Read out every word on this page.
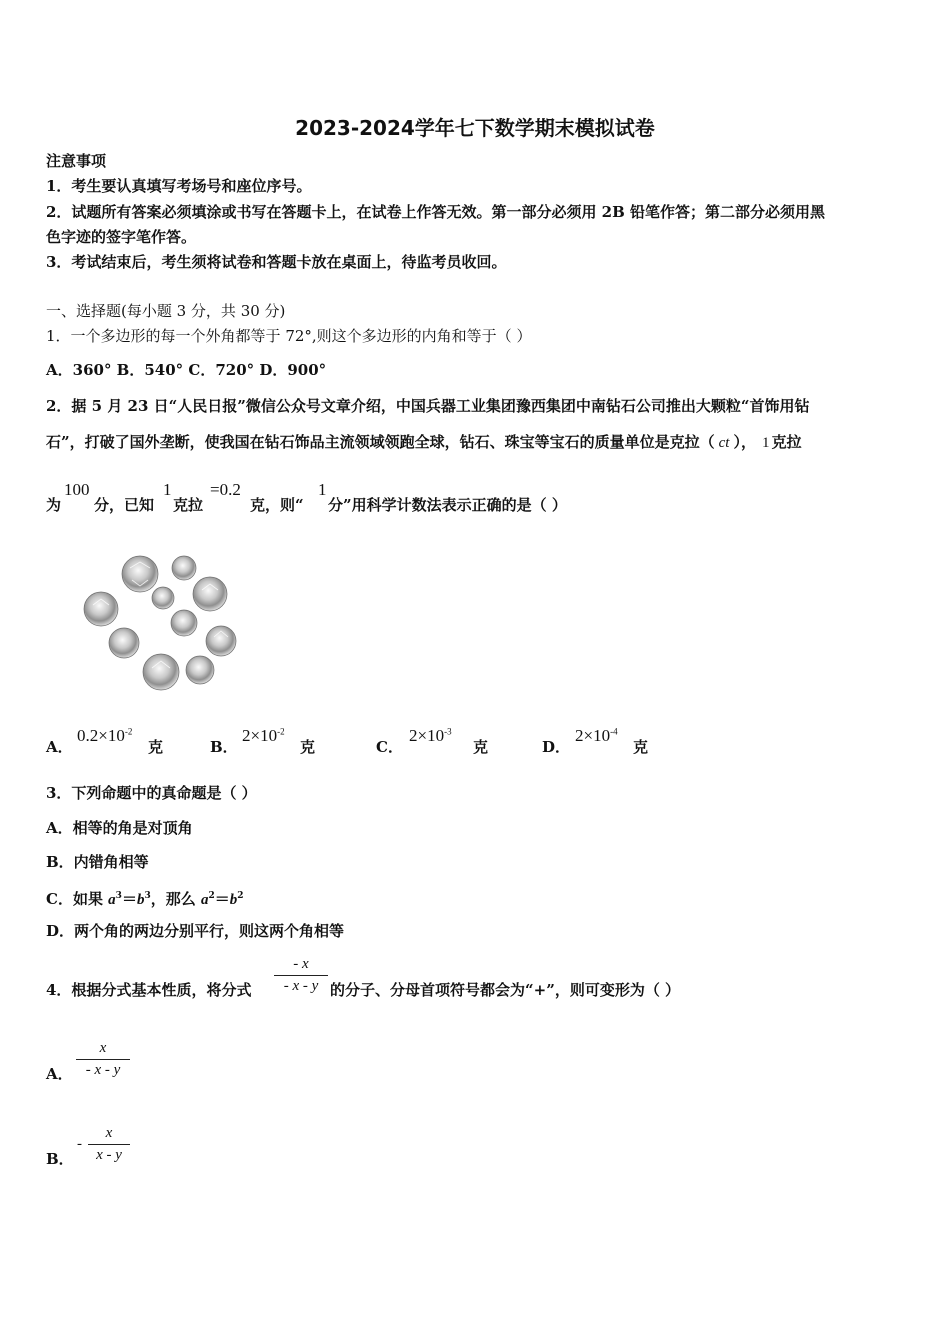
2023-2024学年七下数学期末模拟试卷
注意事项
1．考生要认真填写考场号和座位序号。
2．试题所有答案必须填涂或书写在答题卡上，在试卷上作答无效。第一部分必须用 2B 铅笔作答；第二部分必须用黑
色字迹的签字笔作答。
3．考试结束后，考生须将试卷和答题卡放在桌面上，待监考员收回。
一、选择题(每小题 3 分，共 30 分)
1．一个多边形的每一个外角都等于 72°,则这个多边形的内角和等于（ ）
A．360° B．540° C．720° D．900°
2．据 5 月 23 日“人民日报”微信公众号文章介绍，中国兵器工业集团豫西集团中南钻石公司推出大颗粒“首饰用钻
石”，打破了国外垄断，使我国在钻石饰品主流领域领跑全球，钻石、珠宝等宝石的质量单位是克拉（ ct ）， 1 克拉
为
100
分，已知
1
克拉
=0.2
克，则“
1
分”用科学计数法表示正确的是（ ）
A．
$0.2\times 10^{-2}$
克	B．
$2\times 10^{-2}$
克	C．
$2\times 10^{-3}$
克	D．
$2\times 10^{-4}$
克
3．下列命题中的真命题是（ ）
A．相等的角是对顶角
B．内错角相等
C．如果 $a^3=b^3$，那么 $a^2=b^2$
D．两个角的两边分别平行，则这两个角相等
4．根据分式基本性质，将分式
- x
- x - y 的分子、分母首项符号都会为“+”，则可变形为（ ）
A．
x
- x - y
B．
-
x
x - y
